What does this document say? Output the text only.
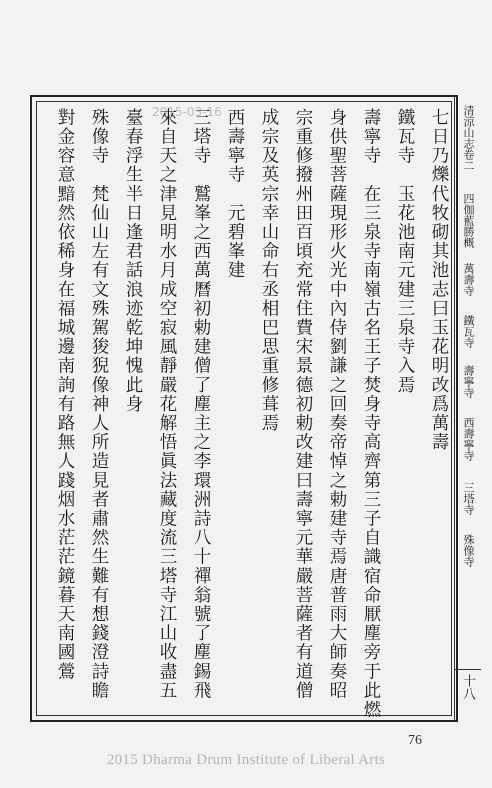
2015-03-16	七日乃爍代牧砌其池志曰玉花明改爲萬壽
鐵瓦寺　玉花池南元建三泉寺入焉
壽寧寺　在三泉寺南嶺古名王子焚身寺高齊第三子自識宿命厭塵旁于此燃
身供聖菩薩現形火光中內侍劉謙之回奏帝悼之勅建寺焉唐普雨大師奏昭
宗重修撥州田百頃充常住費宋景德初勅改建曰壽寧元華嚴菩薩者有道僧
成宗及英宗幸山命右丞相巴思重修葺焉
西壽寧寺　元碧峯建
三塔寺　鷲峯之西萬曆初勅建僧了塵主之李環洲詩八十禪翁號了塵錫飛
來自天之津見明水月成空寂風靜嚴花解悟眞法藏度流三塔寺江山收盡五
臺春浮生半日逢君話浪迹乾坤愧此身
殊像寺　梵仙山左有文殊駕狻猊像神人所造見者肅然生難有想錢澄詩瞻
對金容意黯然依稀身在福城邊南詢有路無人踐烟水茫茫鏡暮天南國鶯	清涼山志卷二
四伽藍勝概
萬壽寺
鐵瓦寺
壽寧寺
西壽寧寺
三塔寺
殊像寺
十八
76
2015 Dharma Drum Institute of Liberal Arts
